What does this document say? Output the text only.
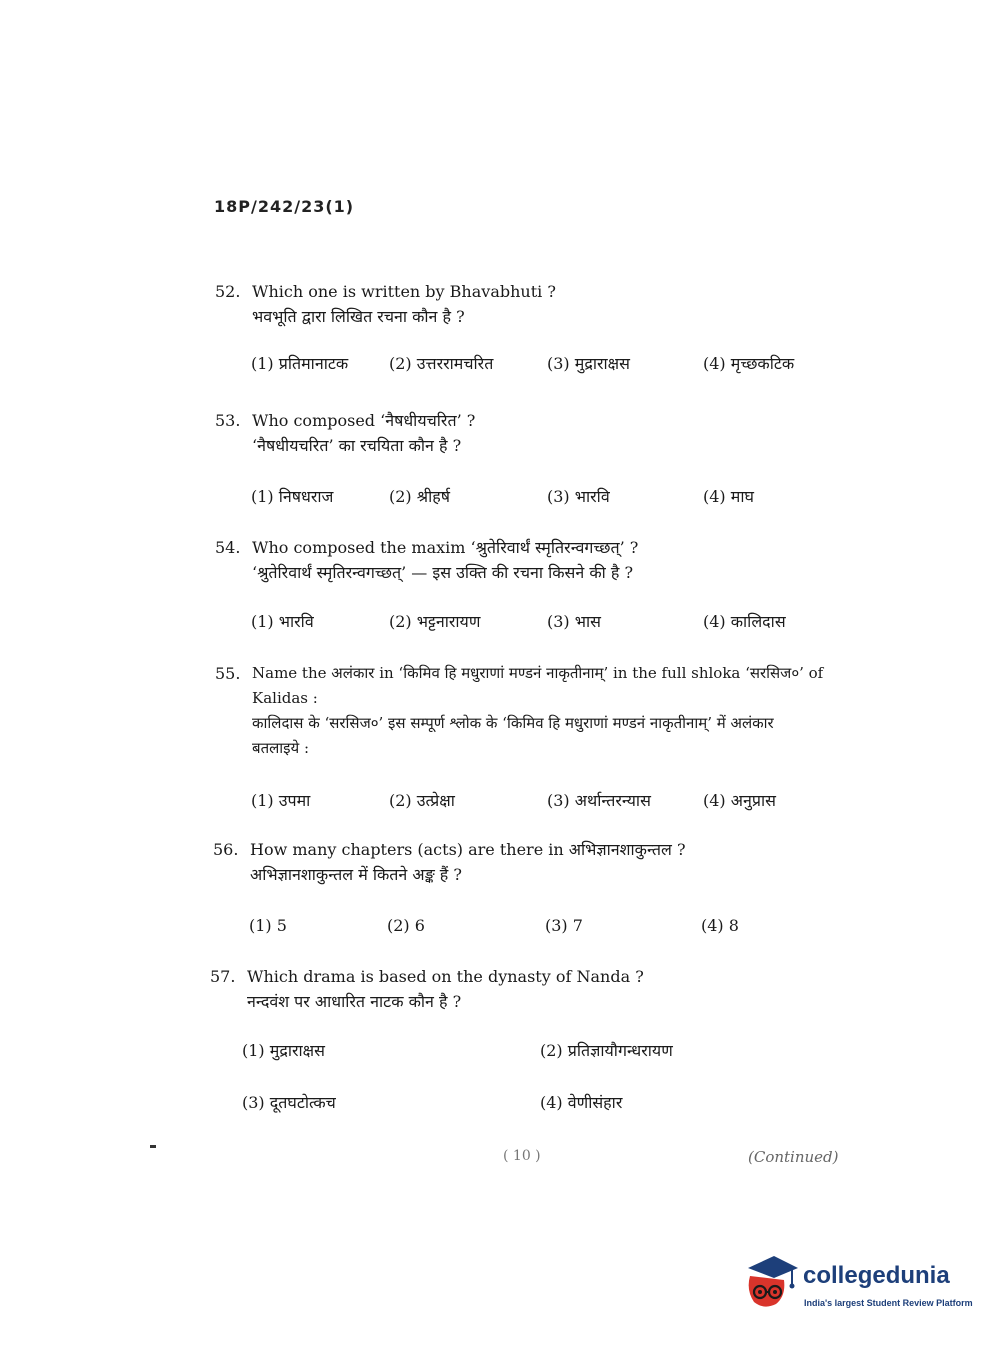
18P/242/23(1)
52. Which one is written by Bhavabhuti ?
भवभूति द्वारा लिखित रचना कौन है ?
(1) प्रतिमानाटक	(2) उत्तररामचरित	(3) मुद्राराक्षस	(4) मृच्छकटिक
53. Who composed ‘नैषधीयचरित’ ?
‘नैषधीयचरित’ का रचयिता कौन है ?
(1) निषधराज	(2) श्रीहर्ष	(3) भारवि	(4) माघ
54. Who composed the maxim ‘श्रुतेरिवार्थं स्मृतिरन्वगच्छत्’ ?
‘श्रुतेरिवार्थं स्मृतिरन्वगच्छत्’ — इस उक्ति की रचना किसने की है ?
(1) भारवि	(2) भट्टनारायण	(3) भास	(4) कालिदास
55. Name the अलंकार in ‘किमिव हि मधुराणां मण्डनं नाकृतीनाम्’ in the full shloka ‘सरसिज०’ of
Kalidas :
कालिदास के ‘सरसिज०’ इस सम्पूर्ण श्लोक के ‘किमिव हि मधुराणां मण्डनं नाकृतीनाम्’ में अलंकार
बतलाइये :
(1) उपमा	(2) उत्प्रेक्षा	(3) अर्थान्तरन्यास	(4) अनुप्रास
56. How many chapters (acts) are there in अभिज्ञानशाकुन्तल ?
अभिज्ञानशाकुन्तल में कितने अङ्क हैं ?
(1) 5	(2) 6	(3) 7	(4) 8
57. Which drama is based on the dynasty of Nanda ?
नन्दवंश पर आधारित नाटक कौन है ?
(1) मुद्राराक्षस	(2) प्रतिज्ञायौगन्धरायण
(3) दूतघटोत्कच	(4) वेणीसंहार
( 10 )	(Continued)
collegedunia
India's largest Student Review Platform
